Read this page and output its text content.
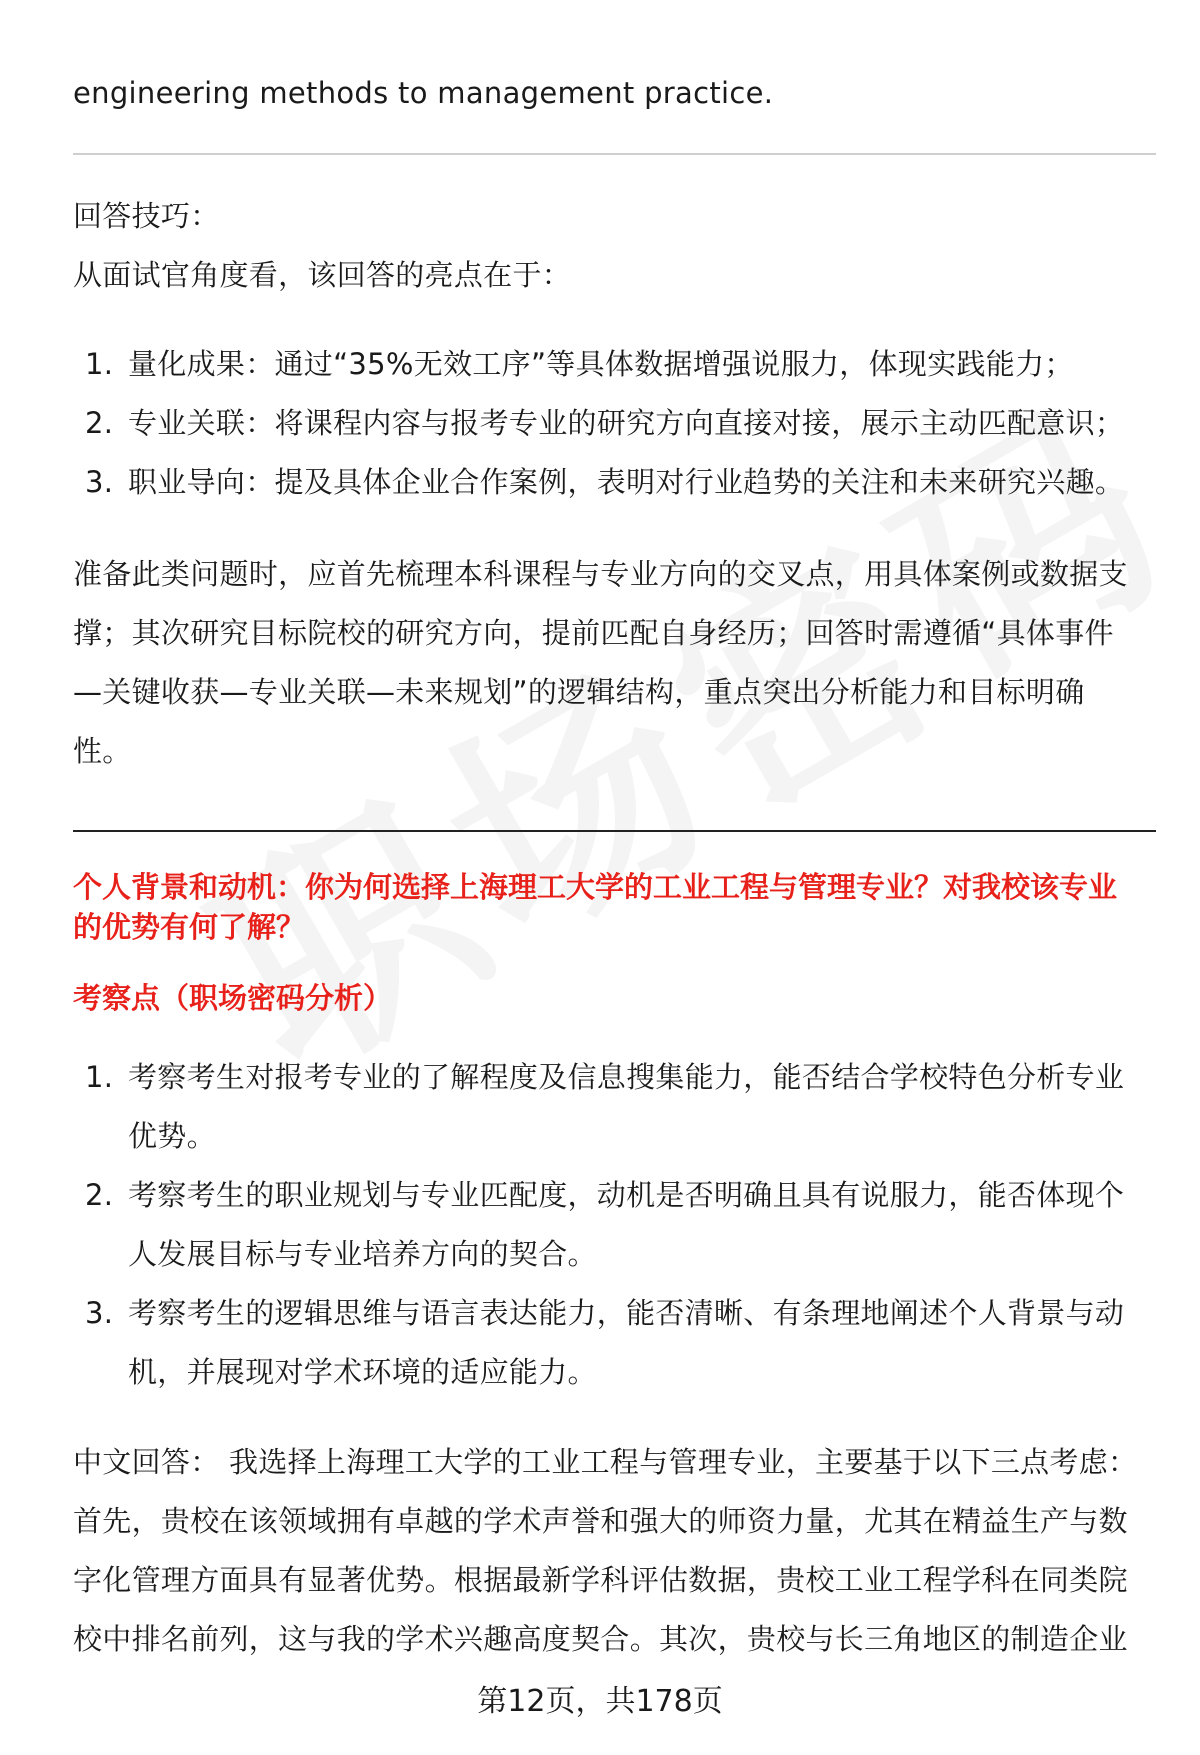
engineering methods to management practice.

回答技巧：

从面试官角度看，该回答的亮点在于：

1. 量化成果：通过“35%无效工序”等具体数据增强说服力，体现实践能力；
2. 专业关联：将课程内容与报考专业的研究方向直接对接，展示主动匹配意识；
3. 职业导向：提及具体企业合作案例，表明对行业趋势的关注和未来研究兴趣。

准备此类问题时，应首先梳理本科课程与专业方向的交叉点，用具体案例或数据支

撑；其次研究目标院校的研究方向，提前匹配自身经历；回答时需遵循“具体事件

—关键收获—专业关联—未来规划”的逻辑结构，重点突出分析能力和目标明确

性。

个人背景和动机：你为何选择上海理工大学的工业工程与管理专业？对我校该专业

的优势有何了解？

考察点（职场密码分析）

1. 考察考生对报考专业的了解程度及信息搜集能力，能否结合学校特色分析专业
优势。
2. 考察考生的职业规划与专业匹配度，动机是否明确且具有说服力，能否体现个
人发展目标与专业培养方向的契合。
3. 考察考生的逻辑思维与语言表达能力，能否清晰、有条理地阐述个人背景与动
机，并展现对学术环境的适应能力。

中文回答： 我选择上海理工大学的工业工程与管理专业，主要基于以下三点考虑：

首先，贵校在该领域拥有卓越的学术声誉和强大的师资力量，尤其在精益生产与数

字化管理方面具有显著优势。根据最新学科评估数据，贵校工业工程学科在同类院

校中排名前列，这与我的学术兴趣高度契合。其次，贵校与长三角地区的制造企业

第12页，共178页
